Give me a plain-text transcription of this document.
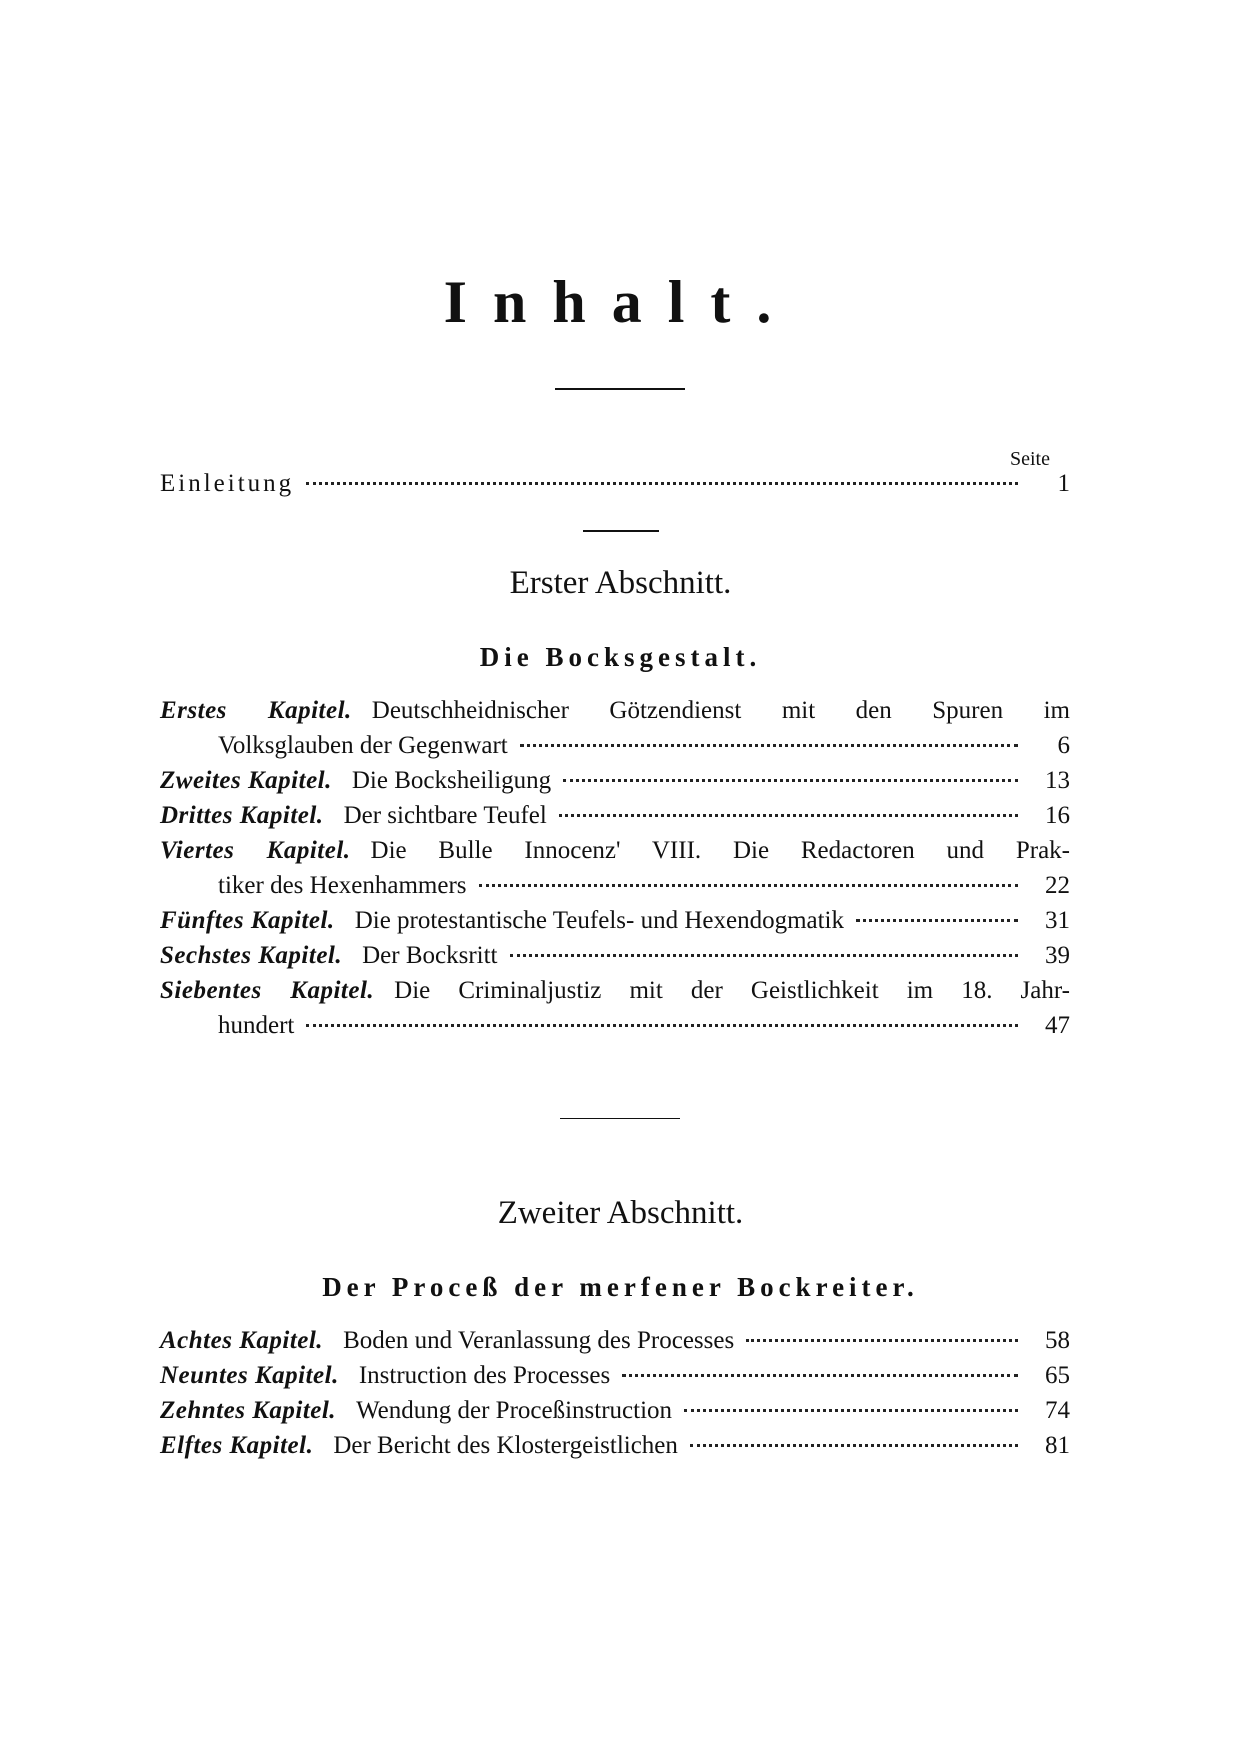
Inhalt.
Seite
Einleitung	1
Erster Abschnitt.
Die Bocksgestalt.
Erstes Kapitel. Deutschheidnischer Götzendienst mit den Spuren im
Volksglauben der Gegenwart	6
Zweites Kapitel. Die Bocksheiligung	13
Drittes Kapitel. Der sichtbare Teufel	16
Viertes Kapitel. Die Bulle Innocenz' VIII. Die Redactoren und Prak-
tiker des Hexenhammers	22
Fünftes Kapitel. Die protestantische Teufels- und Hexendogmatik	31
Sechstes Kapitel. Der Bocksritt	39
Siebentes Kapitel. Die Criminaljustiz mit der Geistlichkeit im 18. Jahr-
hundert	47
Zweiter Abschnitt.
Der Proceß der merfener Bockreiter.
Achtes Kapitel. Boden und Veranlassung des Processes	58
Neuntes Kapitel. Instruction des Processes	65
Zehntes Kapitel. Wendung der Proceßinstruction	74
Elftes Kapitel. Der Bericht des Klostergeistlichen	81
